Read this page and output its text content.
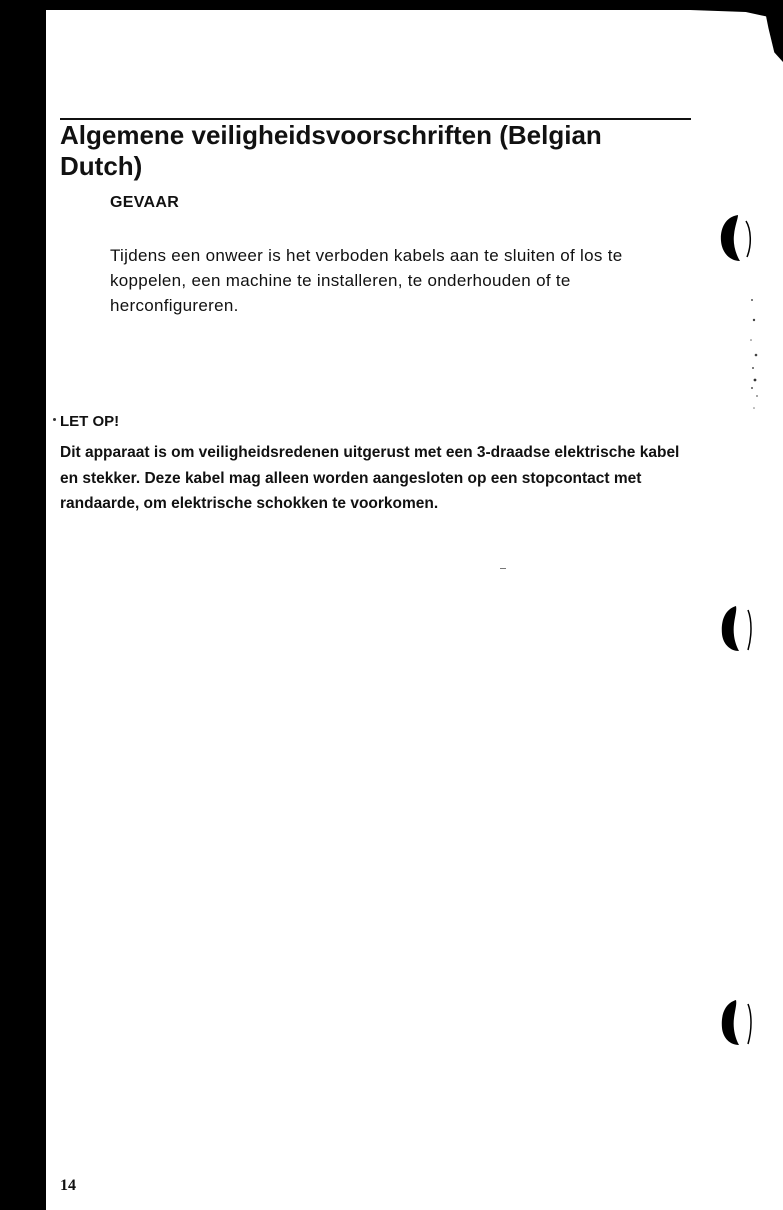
Algemene veiligheidsvoorschriften (Belgian Dutch)
GEVAAR
Tijdens een onweer is het verboden kabels aan te sluiten of los te koppelen, een machine te installeren, te onderhouden of te herconfigureren.
LET OP!
Dit apparaat is om veiligheidsredenen uitgerust met een 3-draadse elektrische kabel en stekker. Deze kabel mag alleen worden aangesloten op een stopcontact met randaarde, om elektrische schokken te voorkomen.
14
